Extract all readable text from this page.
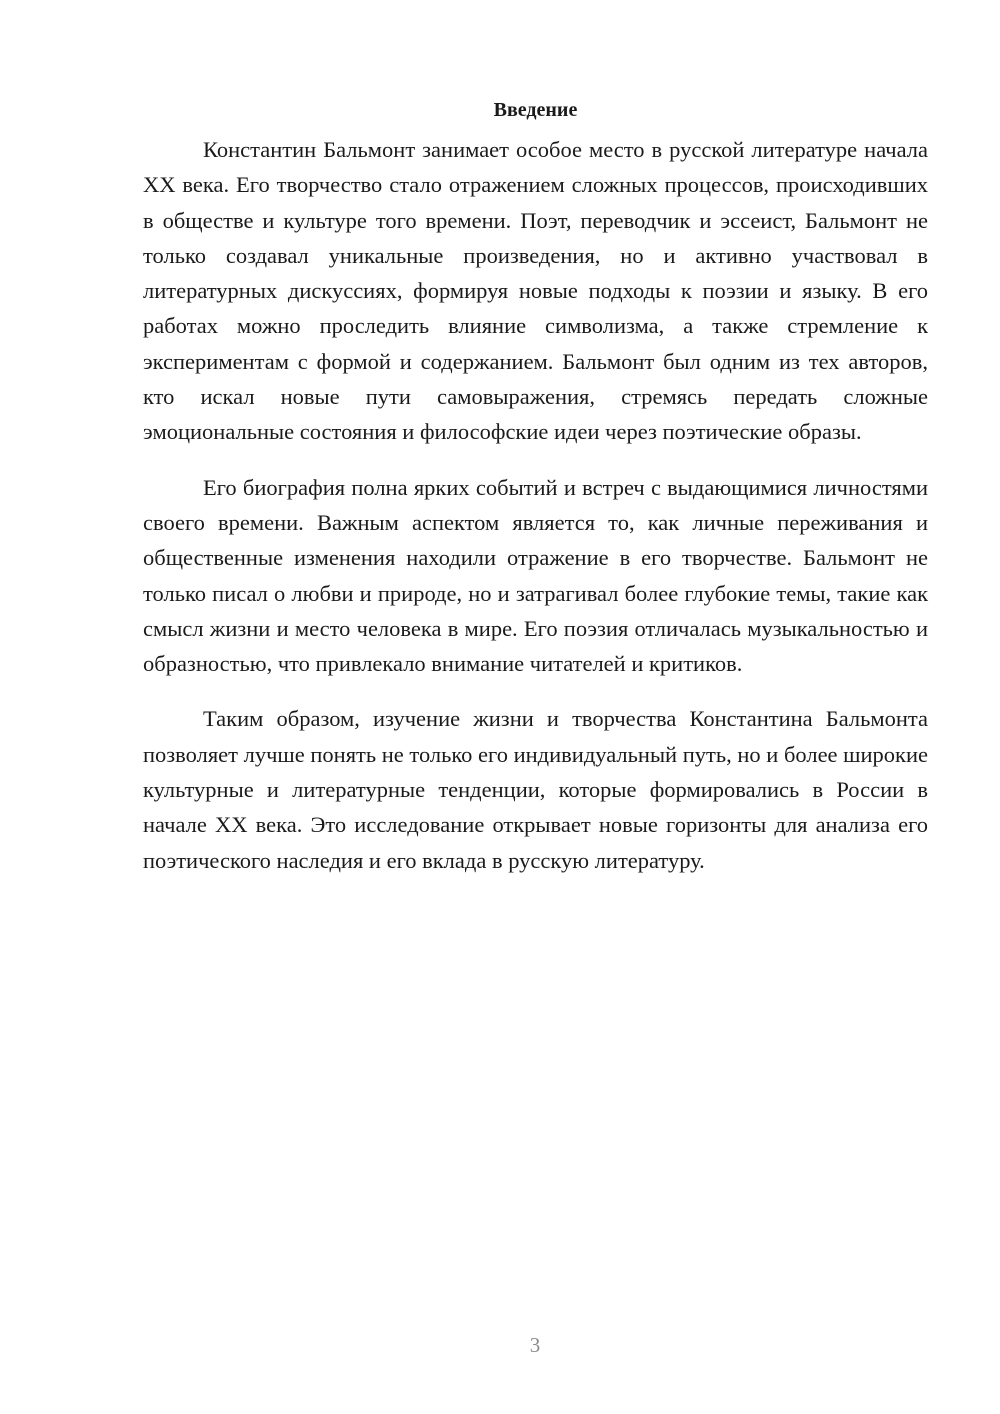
Введение

Константин Бальмонт занимает особое место в русской литературе начала XX века. Его творчество стало отражением сложных процессов, происходивших в обществе и культуре того времени. Поэт, переводчик и эссеист, Бальмонт не только создавал уникальные произведения, но и активно участвовал в литературных дискуссиях, формируя новые подходы к поэзии и языку. В его работах можно проследить влияние символизма, а также стремление к экспериментам с формой и содержанием. Бальмонт был одним из тех авторов, кто искал новые пути самовыражения, стремясь передать сложные эмоциональные состояния и философские идеи через поэтические образы.

Его биография полна ярких событий и встреч с выдающимися личностями своего времени. Важным аспектом является то, как личные переживания и общественные изменения находили отражение в его творчестве. Бальмонт не только писал о любви и природе, но и затрагивал более глубокие темы, такие как смысл жизни и место человека в мире. Его поэзия отличалась музыкальностью и образностью, что привлекало внимание читателей и критиков.

Таким образом, изучение жизни и творчества Константина Бальмонта позволяет лучше понять не только его индивидуальный путь, но и более широкие культурные и литературные тенденции, которые формировались в России в начале XX века. Это исследование открывает новые горизонты для анализа его поэтического наследия и его вклада в русскую литературу.

3
